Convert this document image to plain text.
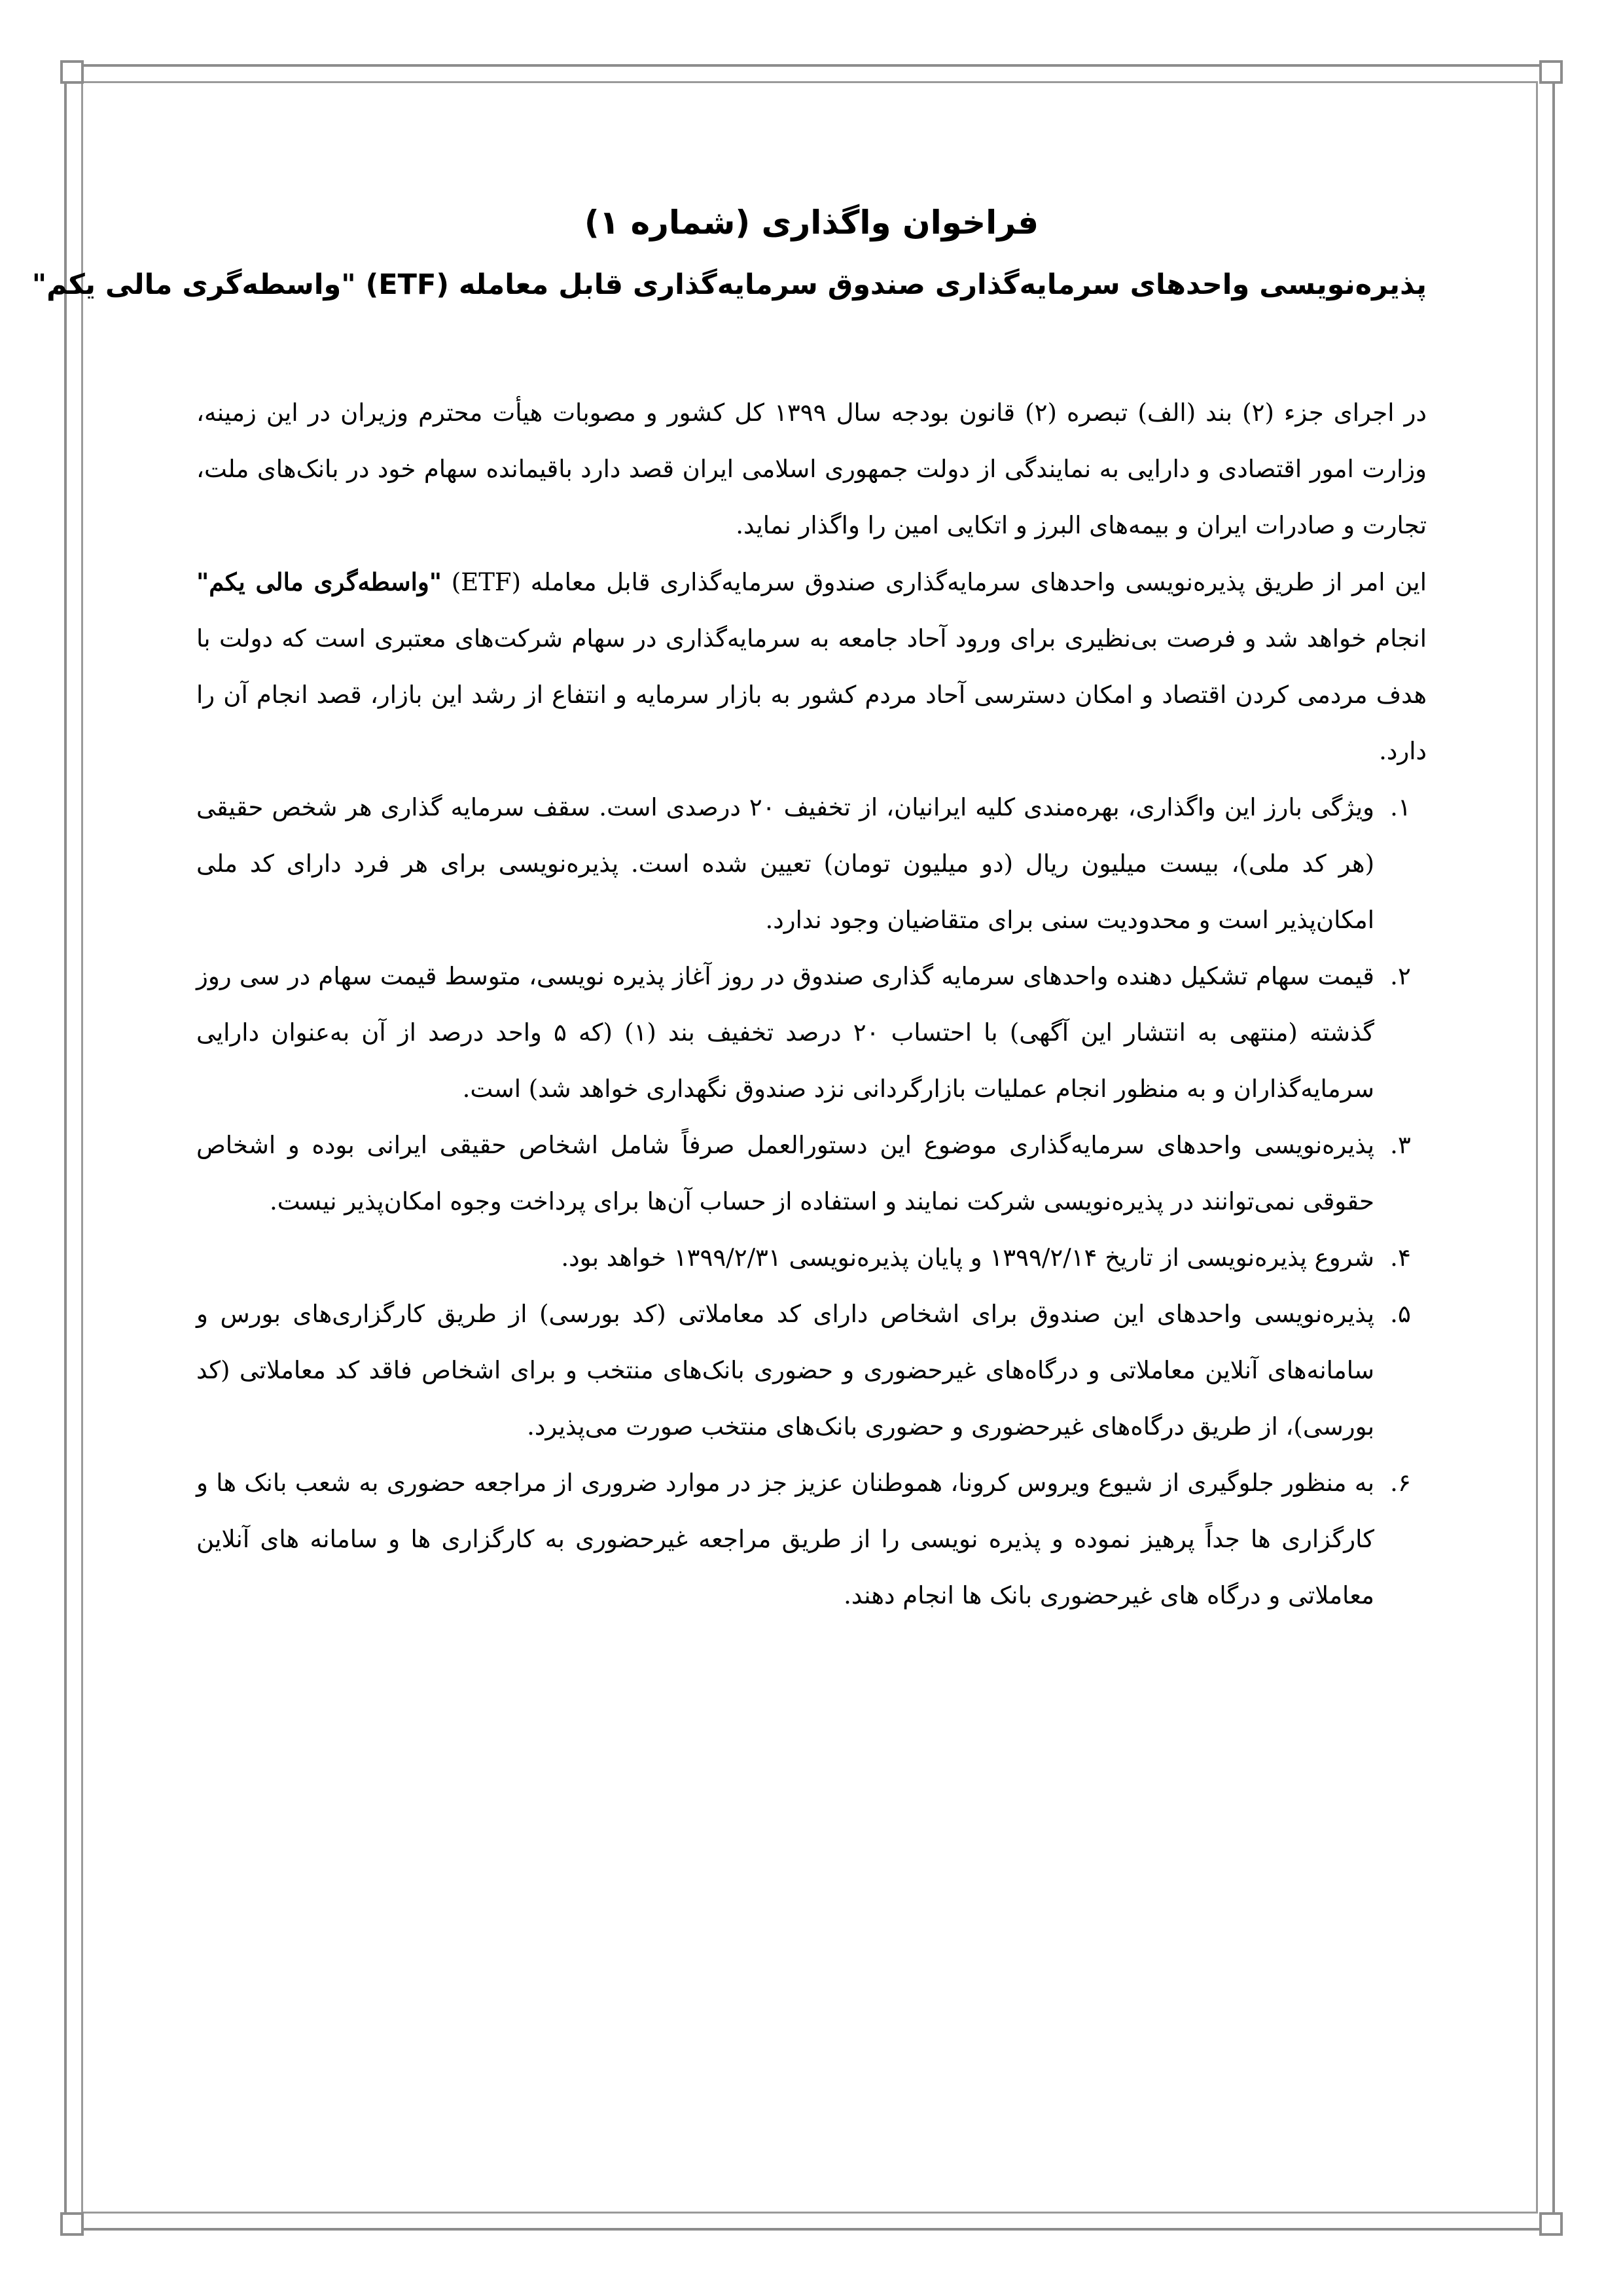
فراخوان واگذاری (شماره ۱)
پذیره‌نویسی واحدهای سرمایه‌گذاری صندوق سرمایه‌گذاری قابل معامله (ETF) "واسطه‌گری مالی یکم"

در اجرای جزء (۲) بند (الف) تبصره (۲) قانون بودجه سال ۱۳۹۹ کل کشور و مصوبات هیأت محترم وزیران در این زمینه، وزارت امور اقتصادی و دارایی به نمایندگی از دولت جمهوری اسلامی ایران قصد دارد باقیمانده سهام خود در بانک‌های ملت، تجارت و صادرات ایران و بیمه‌های البرز و اتکایی امین را واگذار نماید.

این امر از طریق پذیره‌نویسی واحدهای سرمایه‌گذاری صندوق سرمایه‌گذاری قابل معامله (ETF) "واسطه‌گری مالی یکم" انجام خواهد شد و فرصت بی‌نظیری برای ورود آحاد جامعه به سرمایه‌گذاری در سهام شرکت‌های معتبری است که دولت با هدف مردمی کردن اقتصاد و امکان دسترسی آحاد مردم کشور به بازار سرمایه و انتفاع از رشد این بازار، قصد انجام آن را دارد.

۱.
ویژگی بارز این واگذاری، بهره‌مندی کلیه ایرانیان، از تخفیف ۲۰ درصدی است. سقف سرمایه گذاری هر شخص حقیقی (هر کد ملی)، بیست میلیون ریال (دو میلیون تومان) تعیین شده است. پذیره‌نویسی برای هر فرد دارای کد ملی امکان‌پذیر است و محدودیت سنی برای متقاضیان وجود ندارد.
۲.
قیمت سهام تشکیل دهنده واحدهای سرمایه گذاری صندوق در روز آغاز پذیره نویسی، متوسط قیمت سهام در سی روز گذشته (منتهی به انتشار این آگهی) با احتساب ۲۰ درصد تخفیف بند (۱) (که ۵ واحد درصد از آن به‌عنوان دارایی سرمایه‌گذاران و به منظور انجام عملیات بازارگردانی نزد صندوق نگهداری خواهد شد) است.
۳.
پذیره‌نویسی واحدهای سرمایه‌گذاری موضوع این دستورالعمل صرفاً شامل اشخاص حقیقی ایرانی بوده و اشخاص حقوقی نمی‌توانند در پذیره‌نویسی شرکت نمایند و استفاده از حساب آن‌ها برای پرداخت وجوه امکان‌پذیر نیست.
۴.
شروع پذیره‌نویسی از تاریخ ۱۳۹۹/۲/۱۴ و پایان پذیره‌نویسی ۱۳۹۹/۲/۳۱ خواهد بود.
۵.
پذیره‌نویسی واحدهای این صندوق برای اشخاص دارای کد معاملاتی (کد بورسی) از طریق کارگزاری‌های بورس و سامانه‌های آنلاین معاملاتی و درگاه‌های غیرحضوری و حضوری بانک‌های منتخب و برای اشخاص فاقد کد معاملاتی (کد بورسی)، از طریق درگاه‌های غیرحضوری و حضوری بانک‌های منتخب صورت می‌پذیرد.
۶.
به منظور جلوگیری از شیوع ویروس کرونا، هموطنان عزیز جز در موارد ضروری از مراجعه حضوری به شعب بانک ها و کارگزاری ها جداً پرهیز نموده و پذیره نویسی را از طریق مراجعه غیرحضوری به کارگزاری ها و سامانه های آنلاین معاملاتی و درگاه های غیرحضوری بانک ها انجام دهند.
